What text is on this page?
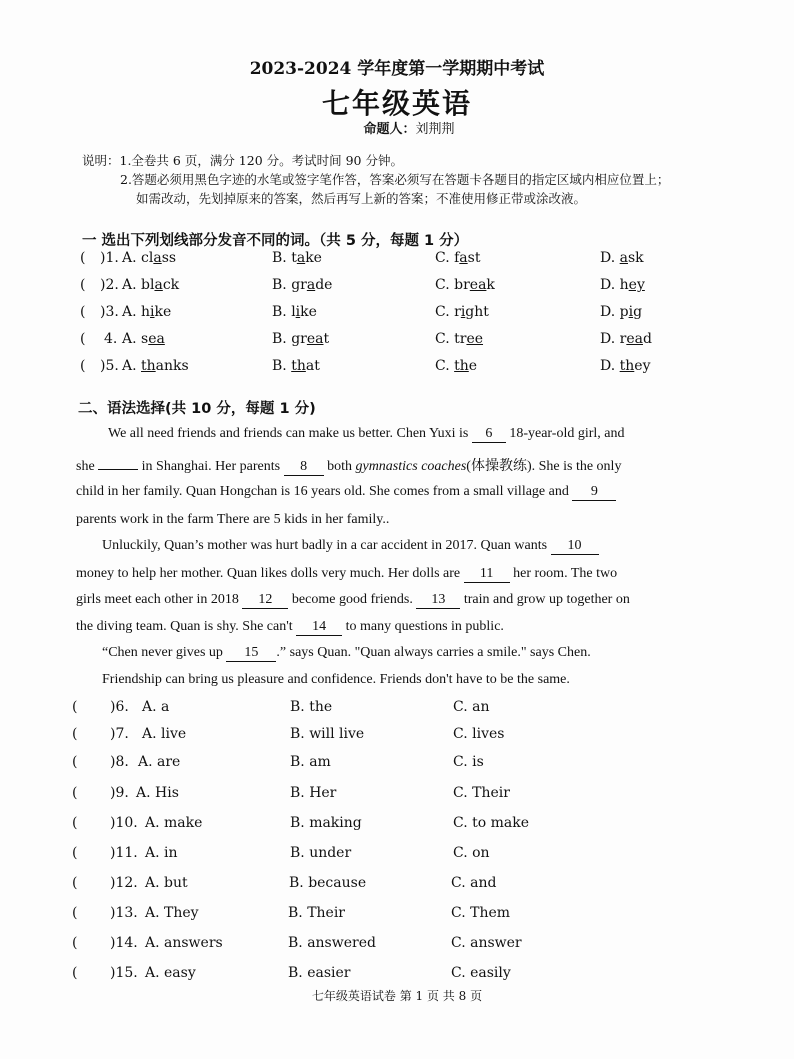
2023-2024 学年度第一学期期中考试
七年级英语
命题人：刘荆荆
说明：1.全卷共 6 页，满分 120 分。考试时间 90 分钟。
2.答题必须用黑色字迹的水笔或签字笔作答，答案必须写在答题卡各题目的指定区域内相应位置上；
如需改动，先划掉原来的答案，然后再写上新的答案；不准使用修正带或涂改液。
一 选出下列划线部分发音不同的词。（共 5 分，每题 1 分）
( )1. A. class	B. take	C. fast	D. ask
( )2. A. black	B. grade	C. break	D. hey
( )3. A. hike	B. like	C. right	D. pig
( 4. A. sea	B. great	C. tree	D. read
( )5. A. thanks	B. that	C. the	D. they
二、语法选择(共 10 分，每题 1 分)
We all need friends and friends can make us better. Chen Yuxi is 6 18-year-old girl, and
she	in Shanghai. Her parents 8 both gymnastics coaches(体操教练). She is the only
child in her family. Quan Hongchan is 16 years old. She comes from a small village and 9
parents work in the farm There are 5 kids in her family..
Unluckily, Quan’s mother was hurt badly in a car accident in 2017. Quan wants 10
money to help her mother. Quan likes dolls very much. Her dolls are 11 her room. The two
girls meet each other in 2018 12 become good friends. 13 train and grow up together on
the diving team. Quan is shy. She can't 14 to many questions in public.
“Chen never gives up 15 .” says Quan. "Quan always carries a smile." says Chen.
Friendship can bring us pleasure and confidence. Friends don't have to be the same.
( )6. A. a	B. the	C. an
( )7. A. live	B. will live	C. lives
( )8. A. are	B. am	C. is
( )9. A. His	B. Her	C. Their
( )10. A. make	B. making	C. to make
( )11. A. in	B. under	C. on
( )12. A. but	B. because	C. and
( )13. A. They	B. Their	C. Them
( )14. A. answers	B. answered	C. answer
( )15. A. easy	B. easier	C. easily
七年级英语试卷 第 1 页 共 8 页
